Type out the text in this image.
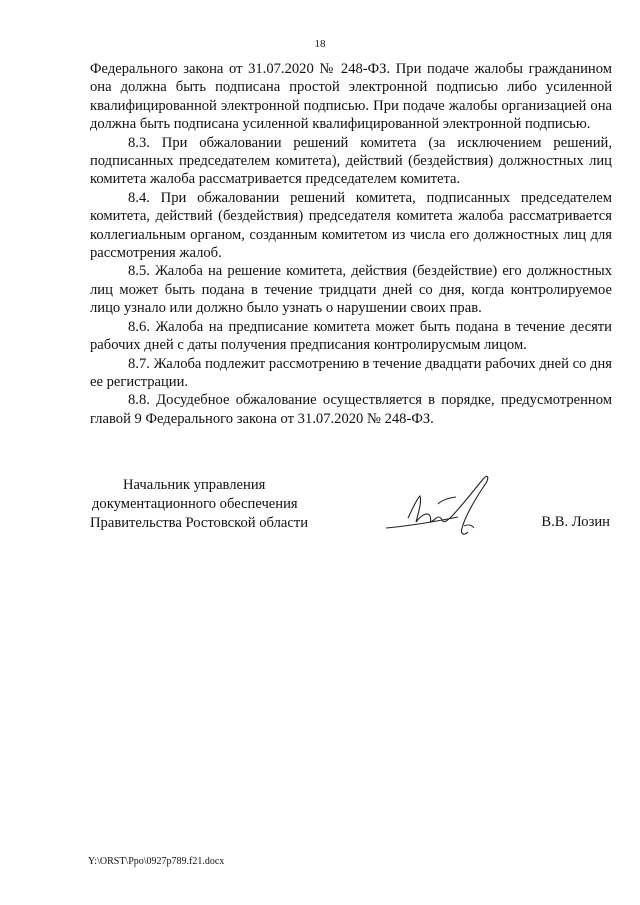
18

Федерального закона от 31.07.2020 № 248-ФЗ. При подаче жалобы гражданином она должна быть подписана простой электронной подписью либо усиленной квалифицированной электронной подписью. При подаче жалобы организацией она должна быть подписана усиленной квалифицированной электронной подписью.

8.3. При обжаловании решений комитета (за исключением решений, подписанных председателем комитета), действий (бездействия) должностных лиц комитета жалоба рассматривается председателем комитета.

8.4. При обжаловании решений комитета, подписанных председателем комитета, действий (бездействия) председателя комитета жалоба рассматривается коллегиальным органом, созданным комитетом из числа его должностных лиц для рассмотрения жалоб.

8.5. Жалоба на решение комитета, действия (бездействие) его должностных лиц может быть подана в течение тридцати дней со дня, когда контролируемое лицо узнало или должно было узнать о нарушении своих прав.

8.6. Жалоба на предписание комитета может быть подана в течение десяти рабочих дней с даты получения предписания контролирусмым лицом.

8.7. Жалоба подлежит рассмотрению в течение двадцати рабочих дней со дня ее регистрации.

8.8. Досудебное обжалование осуществляется в порядке, предусмотренном главой 9 Федерального закона от 31.07.2020 № 248-ФЗ.

Начальник управления
документационного обеспечения
Правительства Ростовской области	В.В. Лозин
Y:\ORST\Ppo\0927p789.f21.docx
